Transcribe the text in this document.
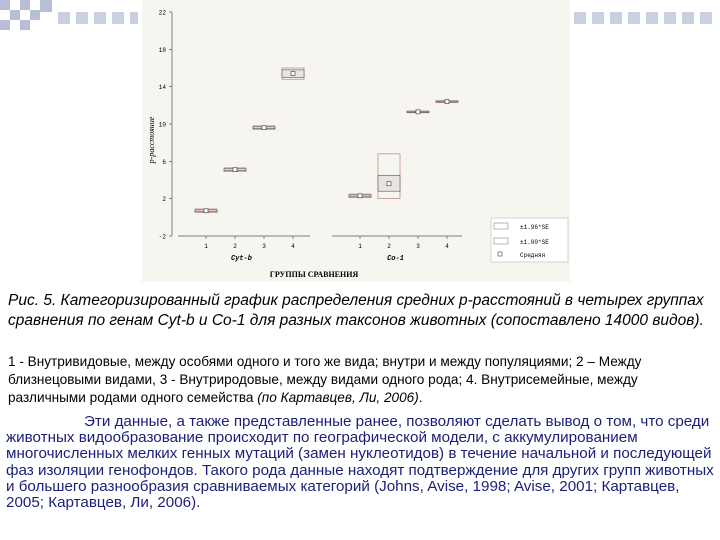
p-расстояние
ГРУППЫ СРАВНЕНИЯ
±1.96*SE
±1.00*SE
Средняя
-2
2
6
10
14
18
22
1	2	3	4
Cyt-b
1	2	3	4
Co-1
Рис. 5. Категоризированный график распределения средних p-расстояний в четырех группах сравнения по генам Cyt-b и Co-1 для разных таксонов животных (сопоставлено 14000 видов).
1 - Внутривидовые, между особями одного и того же вида; внутри и между популяциями; 2 – Между близнецовыми видами, 3 - Внутриродовые, между видами одного рода; 4. Внутрисемейные, между различными родами одного семейства (по Картавцев, Ли, 2006).
Эти данные, а также представленные ранее, позволяют сделать вывод о том, что среди животных видообразование происходит по географической модели, с аккумулированием многочисленных мелких генных мутаций (замен нуклеотидов) в течение начальной и последующей фаз изоляции генофондов. Такого рода данные находят подтверждение для других групп животных и большего разнообразия сравниваемых категорий (Johns, Avise, 1998; Avise, 2001; Картавцев, 2005; Картавцев, Ли, 2006).
